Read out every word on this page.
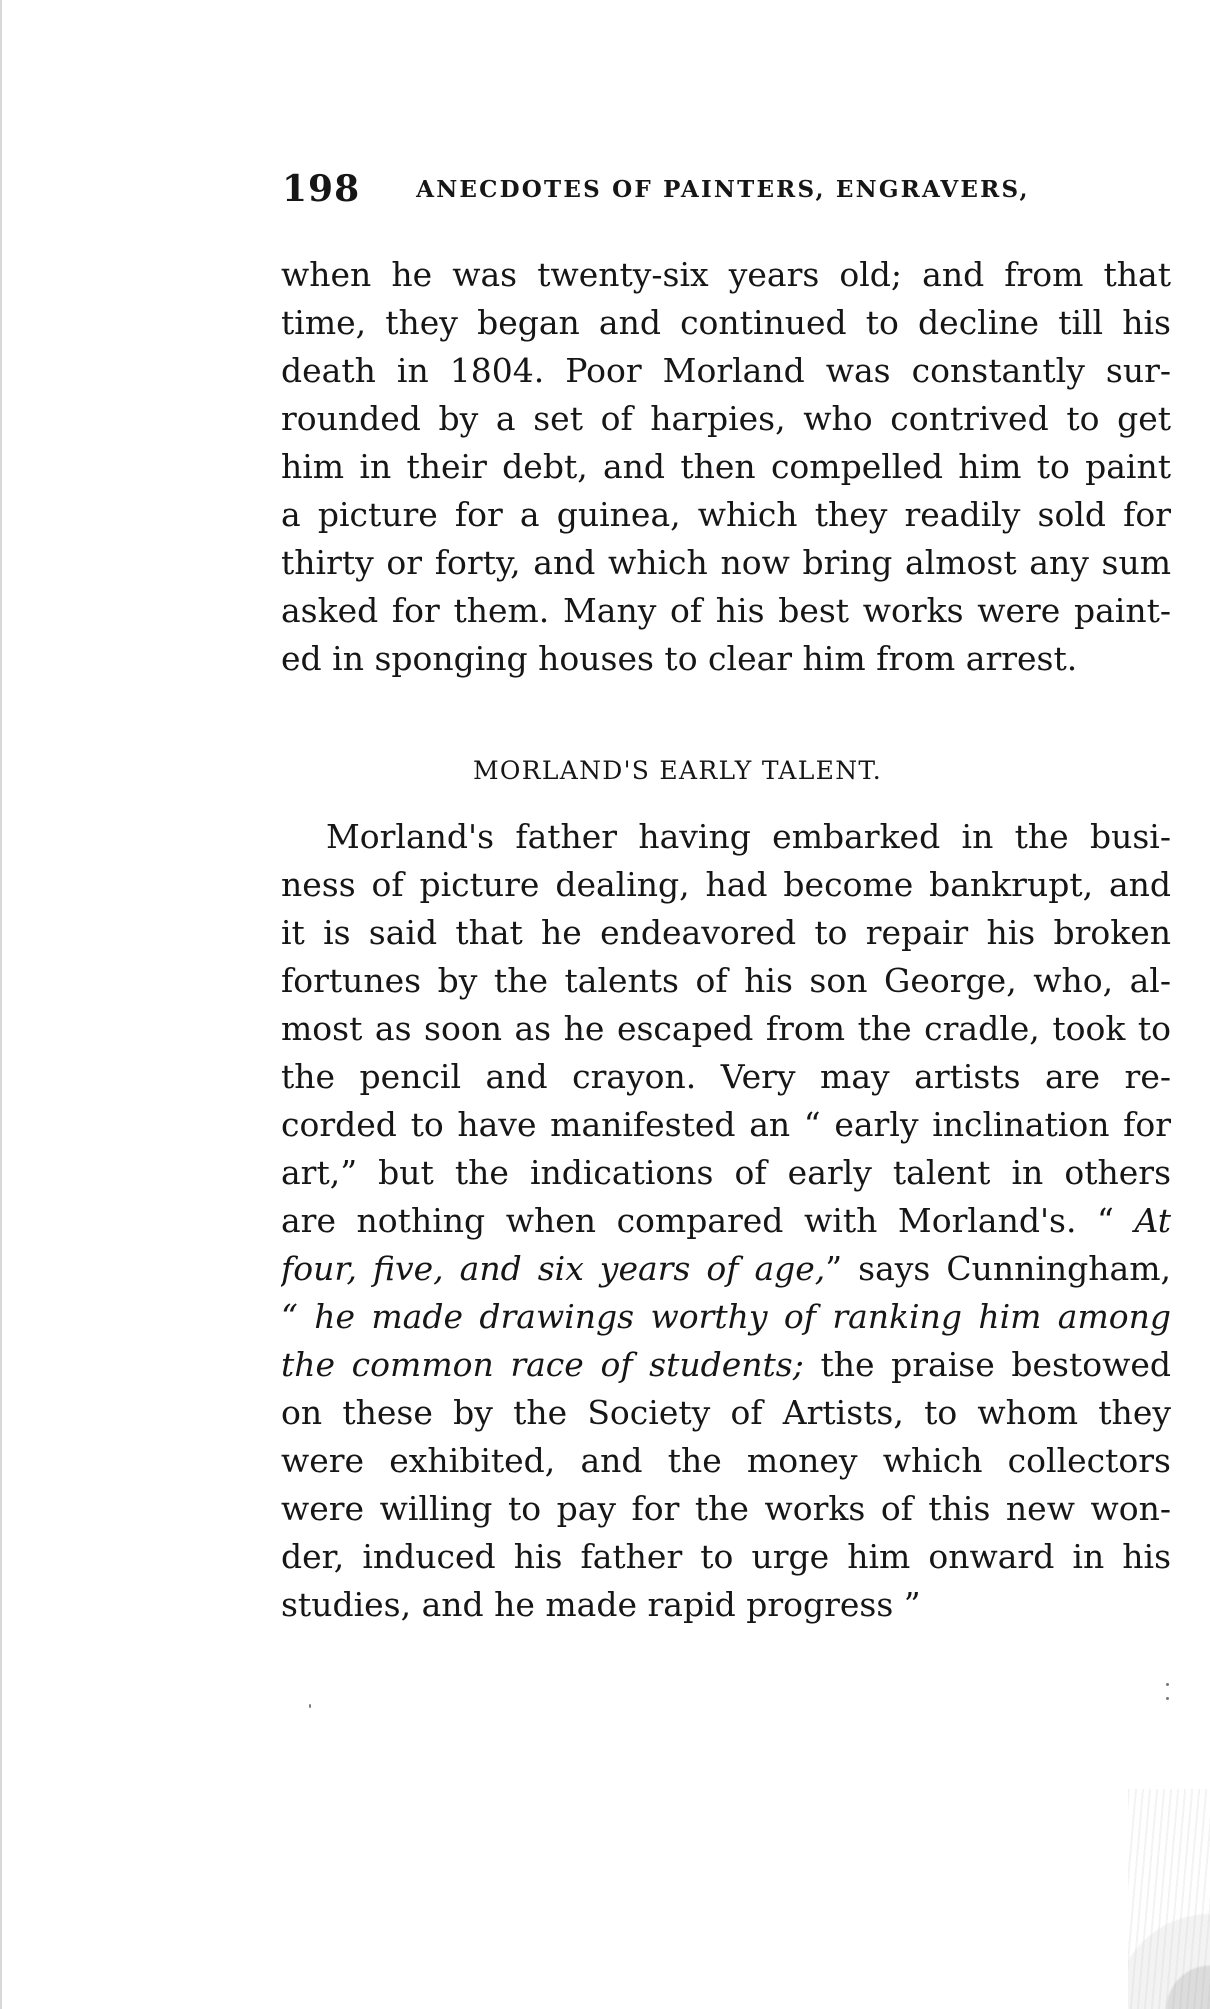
198 ANECDOTES OF PAINTERS, ENGRAVERS,
when he was twenty-six years old; and from that
time, they began and continued to decline till his
death in 1804. Poor Morland was constantly sur-
rounded by a set of harpies, who contrived to get
him in their debt, and then compelled him to paint
a picture for a guinea, which they readily sold for
thirty or forty, and which now bring almost any sum
asked for them. Many of his best works were paint-
ed in sponging houses to clear him from arrest.
MORLAND'S EARLY TALENT.
Morland's father having embarked in the busi-
ness of picture dealing, had become bankrupt, and
it is said that he endeavored to repair his broken
fortunes by the talents of his son George, who, al-
most as soon as he escaped from the cradle, took to
the pencil and crayon. Very may artists are re-
corded to have manifested an “ early inclination for
art,” but the indications of early talent in others
are nothing when compared with Morland's. “ At
four, five, and six years of age,” says Cunningham,
“ he made drawings worthy of ranking him among
the common race of students; the praise bestowed
on these by the Society of Artists, to whom they
were exhibited, and the money which collectors
were willing to pay for the works of this new won-
der, induced his father to urge him onward in his
studies, and he made rapid progress ”
